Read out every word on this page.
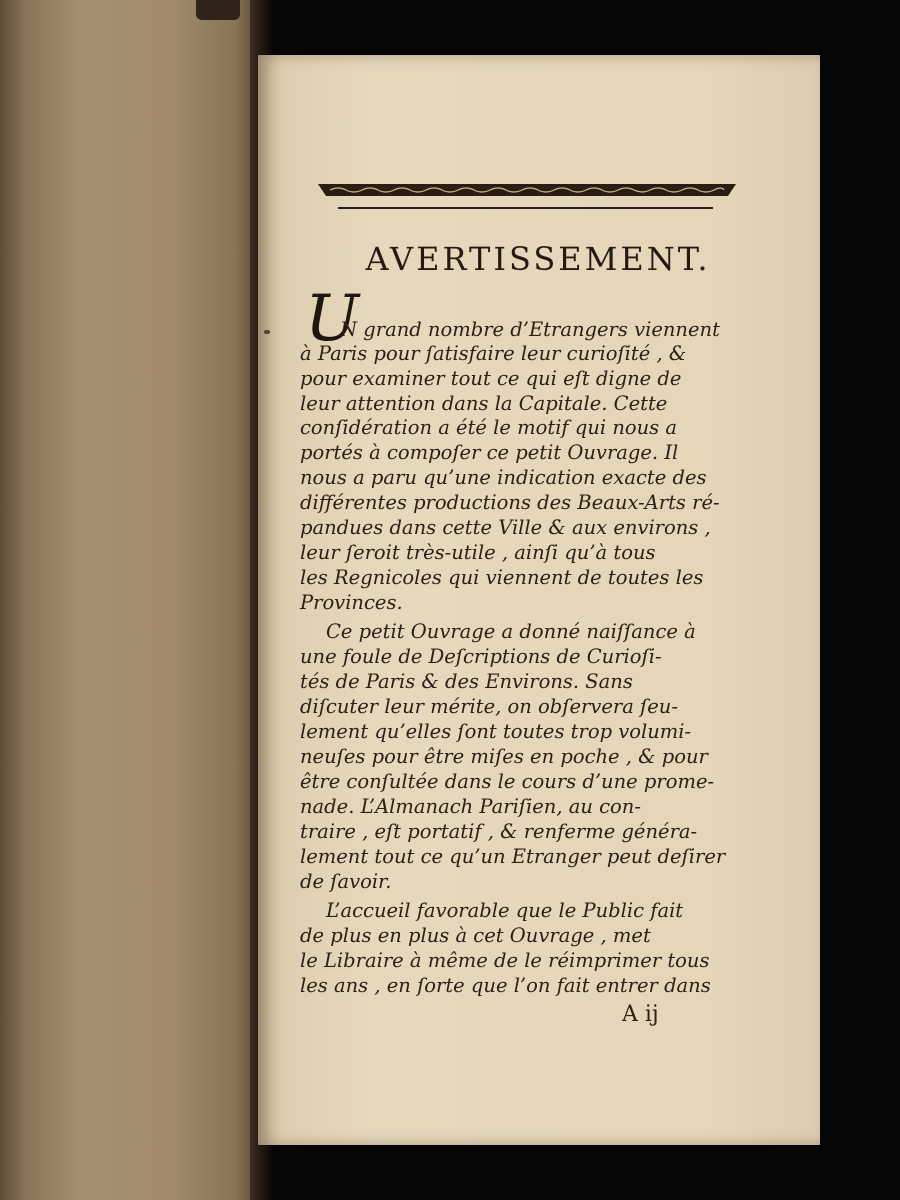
AVERTISSEMENT.
U
N grand nombre d’Etrangers viennent
à Paris pour ſatisfaire leur curioſité , &
pour examiner tout ce qui eſt digne de
leur attention dans la Capitale. Cette
conſidération a été le motif qui nous a
portés à compoſer ce petit Ouvrage. Il
nous a paru qu’une indication exacte des
différentes productions des Beaux-Arts ré-
pandues dans cette Ville & aux environs ,
leur ſeroit très-utile , ainſi qu’à tous
les Regnicoles qui viennent de toutes les
Provinces.
Ce petit Ouvrage a donné naiſſance à
une foule de Deſcriptions de Curioſi-
tés de Paris & des Environs. Sans
diſcuter leur mérite, on obſervera ſeu-
lement qu’elles ſont toutes trop volumi-
neuſes pour être miſes en poche , & pour
être conſultée dans le cours d’une prome-
nade. L’Almanach Pariſien, au con-
traire , eſt portatif , & renferme généra-
lement tout ce qu’un Etranger peut deſirer
de ſavoir.
L’accueil favorable que le Public fait
de plus en plus à cet Ouvrage , met
le Libraire à même de le réimprimer tous
les ans , en ſorte que l’on fait entrer dans
A ij
